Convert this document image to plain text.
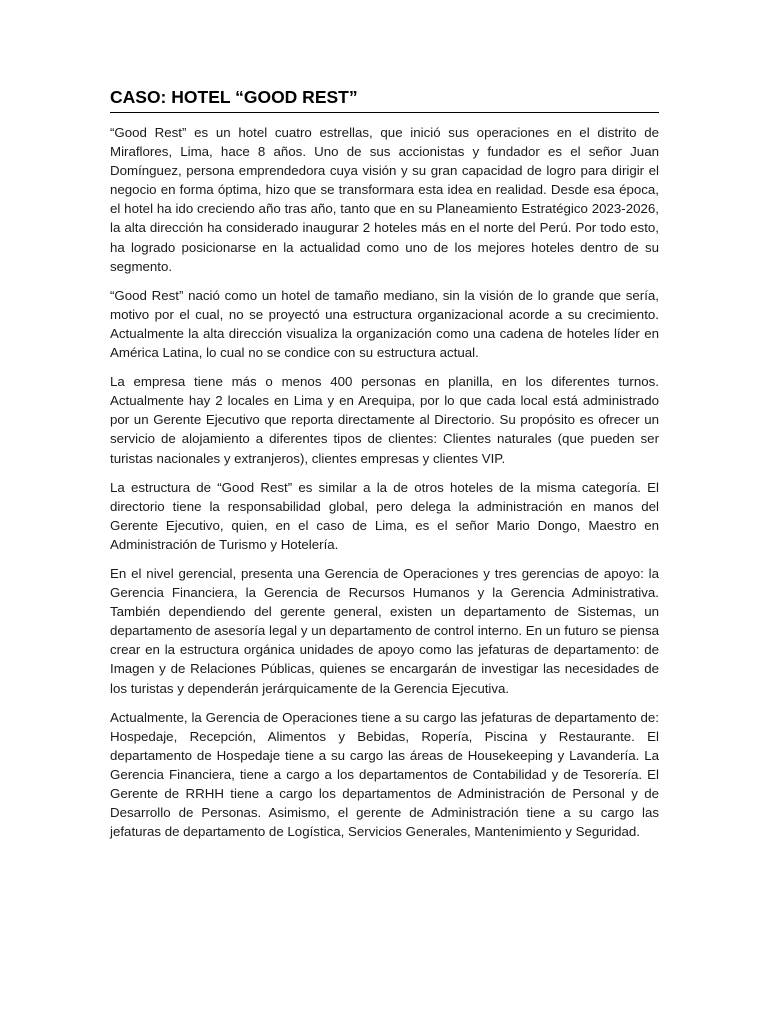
CASO: HOTEL “GOOD REST”

“Good Rest” es un hotel cuatro estrellas, que inició sus operaciones en el distrito de Miraflores, Lima, hace 8 años. Uno de sus accionistas y fundador es el señor Juan Domínguez, persona emprendedora cuya visión y su gran capacidad de logro para dirigir el negocio en forma óptima, hizo que se transformara esta idea en realidad. Desde esa época, el hotel ha ido creciendo año tras año, tanto que en su Planeamiento Estratégico 2023-2026, la alta dirección ha considerado inaugurar 2 hoteles más en el norte del Perú. Por todo esto, ha logrado posicionarse en la actualidad como uno de los mejores hoteles dentro de su segmento.

“Good Rest” nació como un hotel de tamaño mediano, sin la visión de lo grande que sería, motivo por el cual, no se proyectó una estructura organizacional acorde a su crecimiento. Actualmente la alta dirección visualiza la organización como una cadena de hoteles líder en América Latina, lo cual no se condice con su estructura actual.

La empresa tiene más o menos 400 personas en planilla, en los diferentes turnos. Actualmente hay 2 locales en Lima y en Arequipa, por lo que cada local está administrado por un Gerente Ejecutivo que reporta directamente al Directorio. Su propósito es ofrecer un servicio de alojamiento a diferentes tipos de clientes: Clientes naturales (que pueden ser turistas nacionales y extranjeros), clientes empresas y clientes VIP.

La estructura de “Good Rest” es similar a la de otros hoteles de la misma categoría. El directorio tiene la responsabilidad global, pero delega la administración en manos del Gerente Ejecutivo, quien, en el caso de Lima, es el señor Mario Dongo, Maestro en Administración de Turismo y Hotelería.

En el nivel gerencial, presenta una Gerencia de Operaciones y tres gerencias de apoyo: la Gerencia Financiera, la Gerencia de Recursos Humanos y la Gerencia Administrativa. También dependiendo del gerente general, existen un departamento de Sistemas, un departamento de asesoría legal y un departamento de control interno. En un futuro se piensa crear en la estructura orgánica unidades de apoyo como las jefaturas de departamento: de Imagen y de Relaciones Públicas, quienes se encargarán de investigar las necesidades de los turistas y dependerán jerárquicamente de la Gerencia Ejecutiva.

Actualmente, la Gerencia de Operaciones tiene a su cargo las jefaturas de departamento de: Hospedaje, Recepción, Alimentos y Bebidas, Ropería, Piscina y Restaurante. El departamento de Hospedaje tiene a su cargo las áreas de Housekeeping y Lavandería. La Gerencia Financiera, tiene a cargo a los departamentos de Contabilidad y de Tesorería. El Gerente de RRHH tiene a cargo los departamentos de Administración de Personal y de Desarrollo de Personas. Asimismo, el gerente de Administración tiene a su cargo las jefaturas de departamento de Logística, Servicios Generales, Mantenimiento y Seguridad.
